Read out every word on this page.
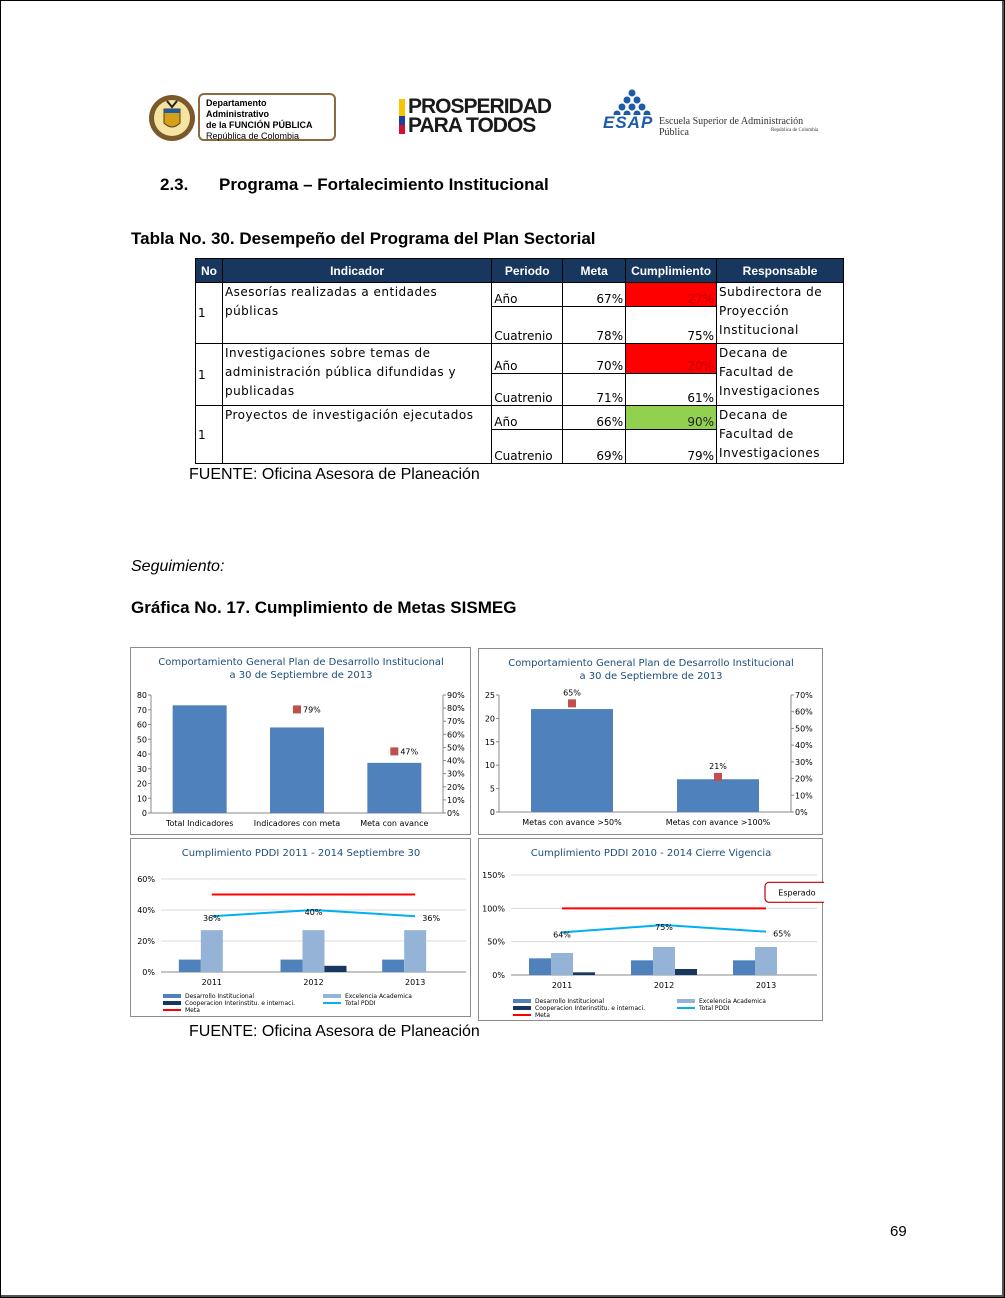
Departamento Administrativo
de la FUNCIÓN PÚBLICA
República de Colombia
PROSPERIDAD
PARA TODOS	ESAP Escuela Superior de Administración Pública	República de Colombia
2.3. Programa – Fortalecimiento Institucional
Tabla No. 30. Desempeño del Programa del Plan Sectorial
No	Indicador	Periodo	Meta	Cumplimiento	Responsable
1	Asesorías realizadas a entidades públicas	Año	67%	27%	Subdirectora de Proyección Institucional
		Cuatrenio	78%	75%	
1	Investigaciones sobre temas de administración pública difundidas y publicadas	Año	70%	20%	Decana de Facultad de Investigaciones
		Cuatrenio	71%	61%	
1	Proyectos de investigación ejecutados	Año	66%	90%	Decana de Facultad de Investigaciones
		Cuatrenio	69%	79%	
FUENTE: Oficina Asesora de Planeación
Seguimiento:
Gráfica No. 17. Cumplimiento de Metas SISMEG
Comportamiento General Plan de Desarrollo Institucional
a 30 de Septiembre de 2013
0
10
20
30
40
50
60
70
80
0%
10%
20%
30%
40%
50%
60%
70%
80%
90%
Total Indicadores	Indicadores con meta
79%
Meta con avance
47%
Comportamiento General Plan de Desarrollo Institucional
a 30 de Septiembre de 2013
0
5
10
15
20
25
0%
10%
20%
30%
40%
50%
60%
70%
Metas con avance >50%
65%
Metas con avance >100%
21%
Cumplimiento PDDI 2011 - 2014 Septiembre 30
0%
20%
40%
60%
2011	2012	2013
36%
40%
36%
Desarrollo Institucional	Excelencia Academica
Cooperacion Interinstitu. e internaci.	Total PDDI
Meta
Cumplimiento PDDI 2010 - 2014 Cierre Vigencia
0%
50%
100%
150%
2011	2012	2013
64%
75%
65%
Esperado
Desarrollo Institucional	Excelencia Academica
Cooperacion Interinstitu. e internaci.	Total PDDI
Meta
FUENTE: Oficina Asesora de Planeación
69
